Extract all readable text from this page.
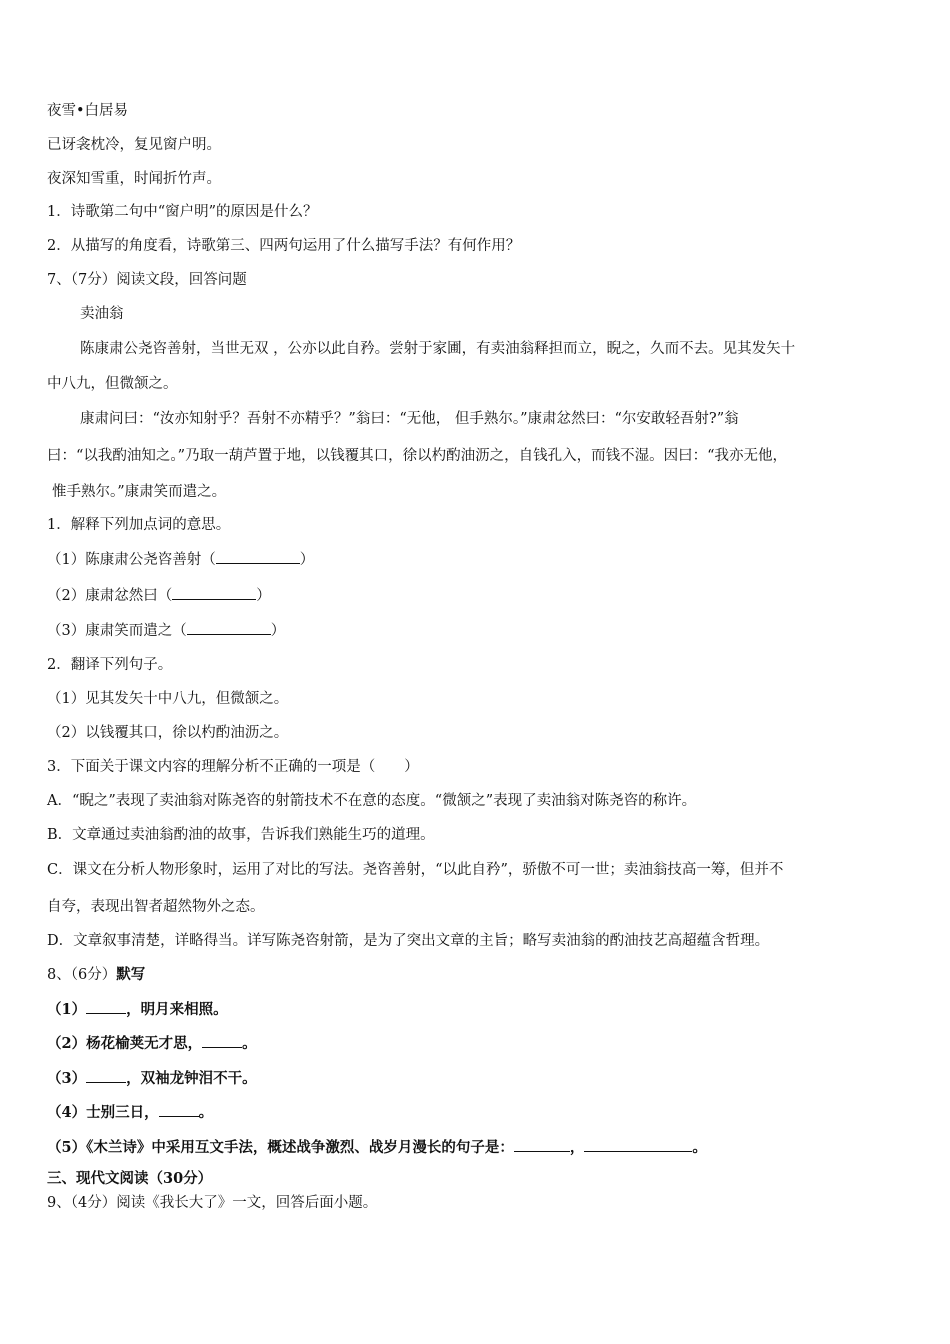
夜雪•白居易
已讶衾枕冷，复见窗户明。
夜深知雪重，时闻折竹声。
1．诗歌第二句中“窗户明”的原因是什么？
2．从描写的角度看，诗歌第三、四两句运用了什么描写手法？有何作用？
7、（7分）阅读文段，回答问题
卖油翁
陈康肃公尧咨善射，当世无双 ，公亦以此自矜。尝射于家圃，有卖油翁释担而立，睨之，久而不去。见其发矢十
中八九，但微颔之。
康肃问曰：“汝亦知射乎？吾射不亦精乎？”翁曰：“无他， 但手熟尔。”康肃忿然曰：“尔安敢轻吾射?”翁
曰：“以我酌油知之。”乃取一葫芦置于地，以钱覆其口，徐以杓酌油沥之，自钱孔入，而钱不湿。因曰：“我亦无他，
惟手熟尔。”康肃笑而遣之。
1．解释下列加点词的意思。
（1）陈康肃公尧咨善射（	）
（2）康肃忿然曰（	）
（3）康肃笑而遣之（	）
2．翻译下列句子。
（1）见其发矢十中八九，但微颔之。
（2）以钱覆其口，徐以杓酌油沥之。
3．下面关于课文内容的理解分析不正确的一项是（　　）
A．“睨之”表现了卖油翁对陈尧咨的射箭技术不在意的态度。“微颔之”表现了卖油翁对陈尧咨的称许。
B．文章通过卖油翁酌油的故事，告诉我们熟能生巧的道理。
C．课文在分析人物形象时，运用了对比的写法。尧咨善射，“以此自矜”，骄傲不可一世；卖油翁技高一筹，但并不
自夸，表现出智者超然物外之态。
D．文章叙事清楚，详略得当。详写陈尧咨射箭，是为了突出文章的主旨；略写卖油翁的酌油技艺高超蕴含哲理。
8、（6分）默写
（1）	，明月来相照。
（2）杨花榆荚无才思，	。
（3）	，双袖龙钟泪不干。
（4）士别三日，	。
（5）《木兰诗》中采用互文手法，概述战争激烈、战岁月漫长的句子是：	，	。
三、现代文阅读（30分）
9、（4分）阅读《我长大了》一文，回答后面小题。
